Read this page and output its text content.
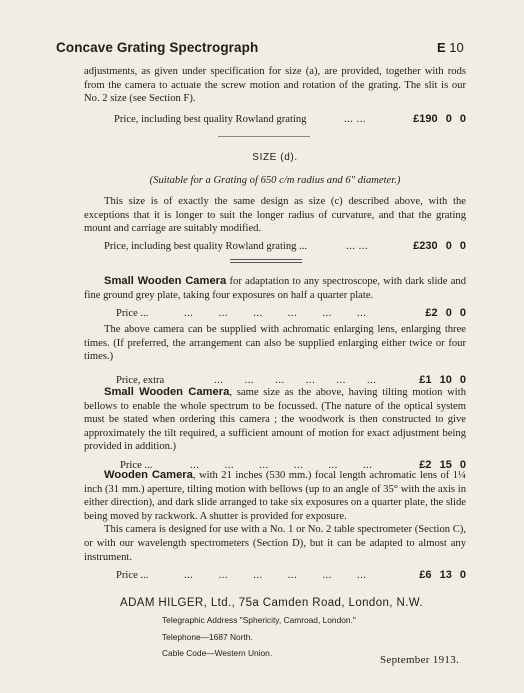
Concave Grating Spectrograph	E 10

adjustments, as given under specification for size (a), are provided, together with rods from the camera to actuate the screw motion and rotation of the grating. The slit is our No. 2 size (see Section F).

Price, including best quality Rowland grating	... ...	£190 0 0
SIZE (d).
(Suitable for a Grating of 650 c/m radius and 6" diameter.)

This size is of exactly the same design as size (c) described above, with the exceptions that it is longer to suit the longer radius of curvature, and that the grating mount and carriage are suitably modified.

Price, including best quality Rowland grating ...	... ...	£230 0 0

Small Wooden Camera for adaptation to any spectroscope, with dark slide and fine ground grey plate, taking four exposures on half a quarter plate.

Price ...	... ... ... ... ... ...	£2 0 0

The above camera can be supplied with achromatic enlarging lens, enlarging three times. (If preferred, the arrangement can also be supplied enlarging either twice or four times.)

Price, extra	... ... ... ... ... ...	£1 10 0

Small Wooden Camera, same size as the above, having tilting motion with bellows to enable the whole spectrum to be focussed. (The nature of the optical system must be stated when ordering this camera ; the woodwork is then constructed to give approximately the tilt required, a sufficient amount of motion for exact adjustment being provided in addition.)

Price ...	... ... ... ... ... ...	£2 15 0

Wooden Camera, with 21 inches (530 mm.) focal length achromatic lens of 1¼ inch (31 mm.) aperture, tilting motion with bellows (up to an angle of 35° with the axis in either direction), and dark slide arranged to take six exposures on a quarter plate, the slide being moved by rackwork. A shutter is provided for exposure.

This camera is designed for use with a No. 1 or No. 2 table spectrometer (Section C), or with our wavelength spectrometers (Section D), but it can be adapted to almost any instrument.

Price ...	... ... ... ... ... ...	£6 13 0
ADAM HILGER, Ltd., 75a Camden Road, London, N.W.
Telegraphic Address "Sphericity, Camroad, London."
Telephone—1687 North.
Cable Code—Western Union.
September 1913.
